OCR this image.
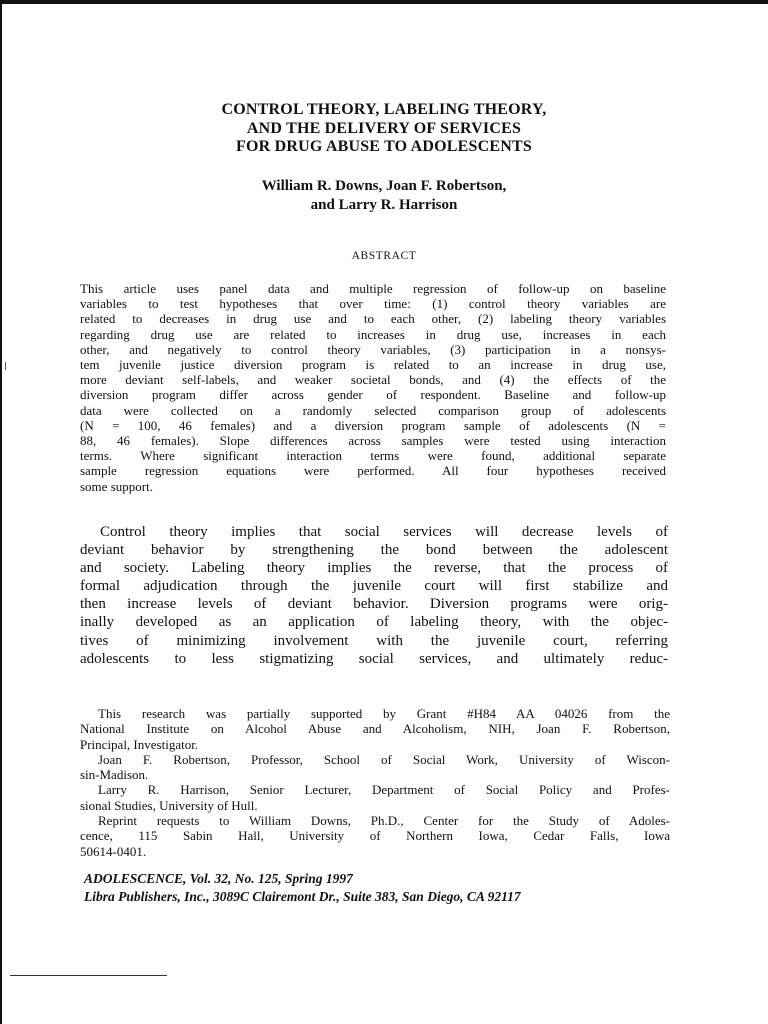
CONTROL THEORY, LABELING THEORY,
AND THE DELIVERY OF SERVICES
FOR DRUG ABUSE TO ADOLESCENTS
William R. Downs, Joan F. Robertson,
and Larry R. Harrison
ABSTRACT
This article uses panel data and multiple regression of follow-up on baseline
variables to test hypotheses that over time: (1) control theory variables are
related to decreases in drug use and to each other, (2) labeling theory variables
regarding drug use are related to increases in drug use, increases in each
other, and negatively to control theory variables, (3) participation in a nonsys-
tem juvenile justice diversion program is related to an increase in drug use,
more deviant self-labels, and weaker societal bonds, and (4) the effects of the
diversion program differ across gender of respondent. Baseline and follow-up
data were collected on a randomly selected comparison group of adolescents
(N = 100, 46 females) and a diversion program sample of adolescents (N =
88, 46 females). Slope differences across samples were tested using interaction
terms. Where significant interaction terms were found, additional separate
sample regression equations were performed. All four hypotheses received
some support.
Control theory implies that social services will decrease levels of
deviant behavior by strengthening the bond between the adolescent
and society. Labeling theory implies the reverse, that the process of
formal adjudication through the juvenile court will first stabilize and
then increase levels of deviant behavior. Diversion programs were orig-
inally developed as an application of labeling theory, with the objec-
tives of minimizing involvement with the juvenile court, referring
adolescents to less stigmatizing social services, and ultimately reduc-
This research was partially supported by Grant #H84 AA 04026 from the
National Institute on Alcohol Abuse and Alcoholism, NIH, Joan F. Robertson,
Principal, Investigator.
Joan F. Robertson, Professor, School of Social Work, University of Wiscon-
sin-Madison.
Larry R. Harrison, Senior Lecturer, Department of Social Policy and Profes-
sional Studies, University of Hull.
Reprint requests to William Downs, Ph.D., Center for the Study of Adoles-
cence, 115 Sabin Hall, University of Northern Iowa, Cedar Falls, Iowa
50614-0401.
ADOLESCENCE, Vol. 32, No. 125, Spring 1997
Libra Publishers, Inc., 3089C Clairemont Dr., Suite 383, San Diego, CA 92117
